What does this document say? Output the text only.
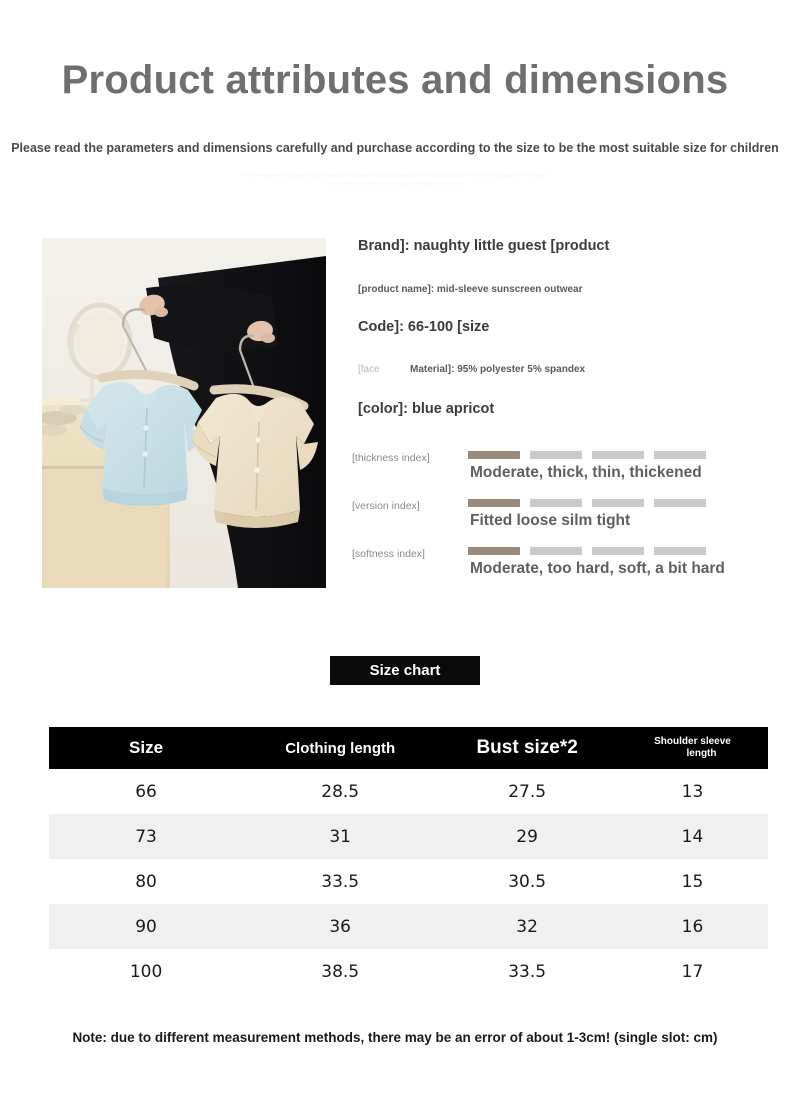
Product attributes and dimensions
Please read the parameters and dimensions carefully and purchase according to the size to be the most suitable size for children
THE PARAMETERS AND DIMENSIONS CAREFULLY AND PURCHASE ACCORDING TO THE SIZE TO BE THE MOST SUITABLE SIZE FOR CHILDREN
PLEASE READ THE PARAMETERS AND DIMENSIONS CAREFULLY
Brand]: naughty little guest [product
[product name]: mid-sleeve sunscreen outwear
Code]: 66-100 [size
[face	Material]: 95% polyester 5% spandex
[color]: blue apricot
[thickness index]
Moderate, thick, thin, thickened
[version index]
Fitted loose silm tight
[softness index]
Moderate, too hard, soft, a bit hard
Size chart
Size	Clothing length	Bust size*2	Shoulder sleeve
length

66	28.5	27.5	13
73	31	29	14
80	33.5	30.5	15
90	36	32	16
100	38.5	33.5	17
Note: due to different measurement methods, there may be an error of about 1-3cm! (single slot: cm)
